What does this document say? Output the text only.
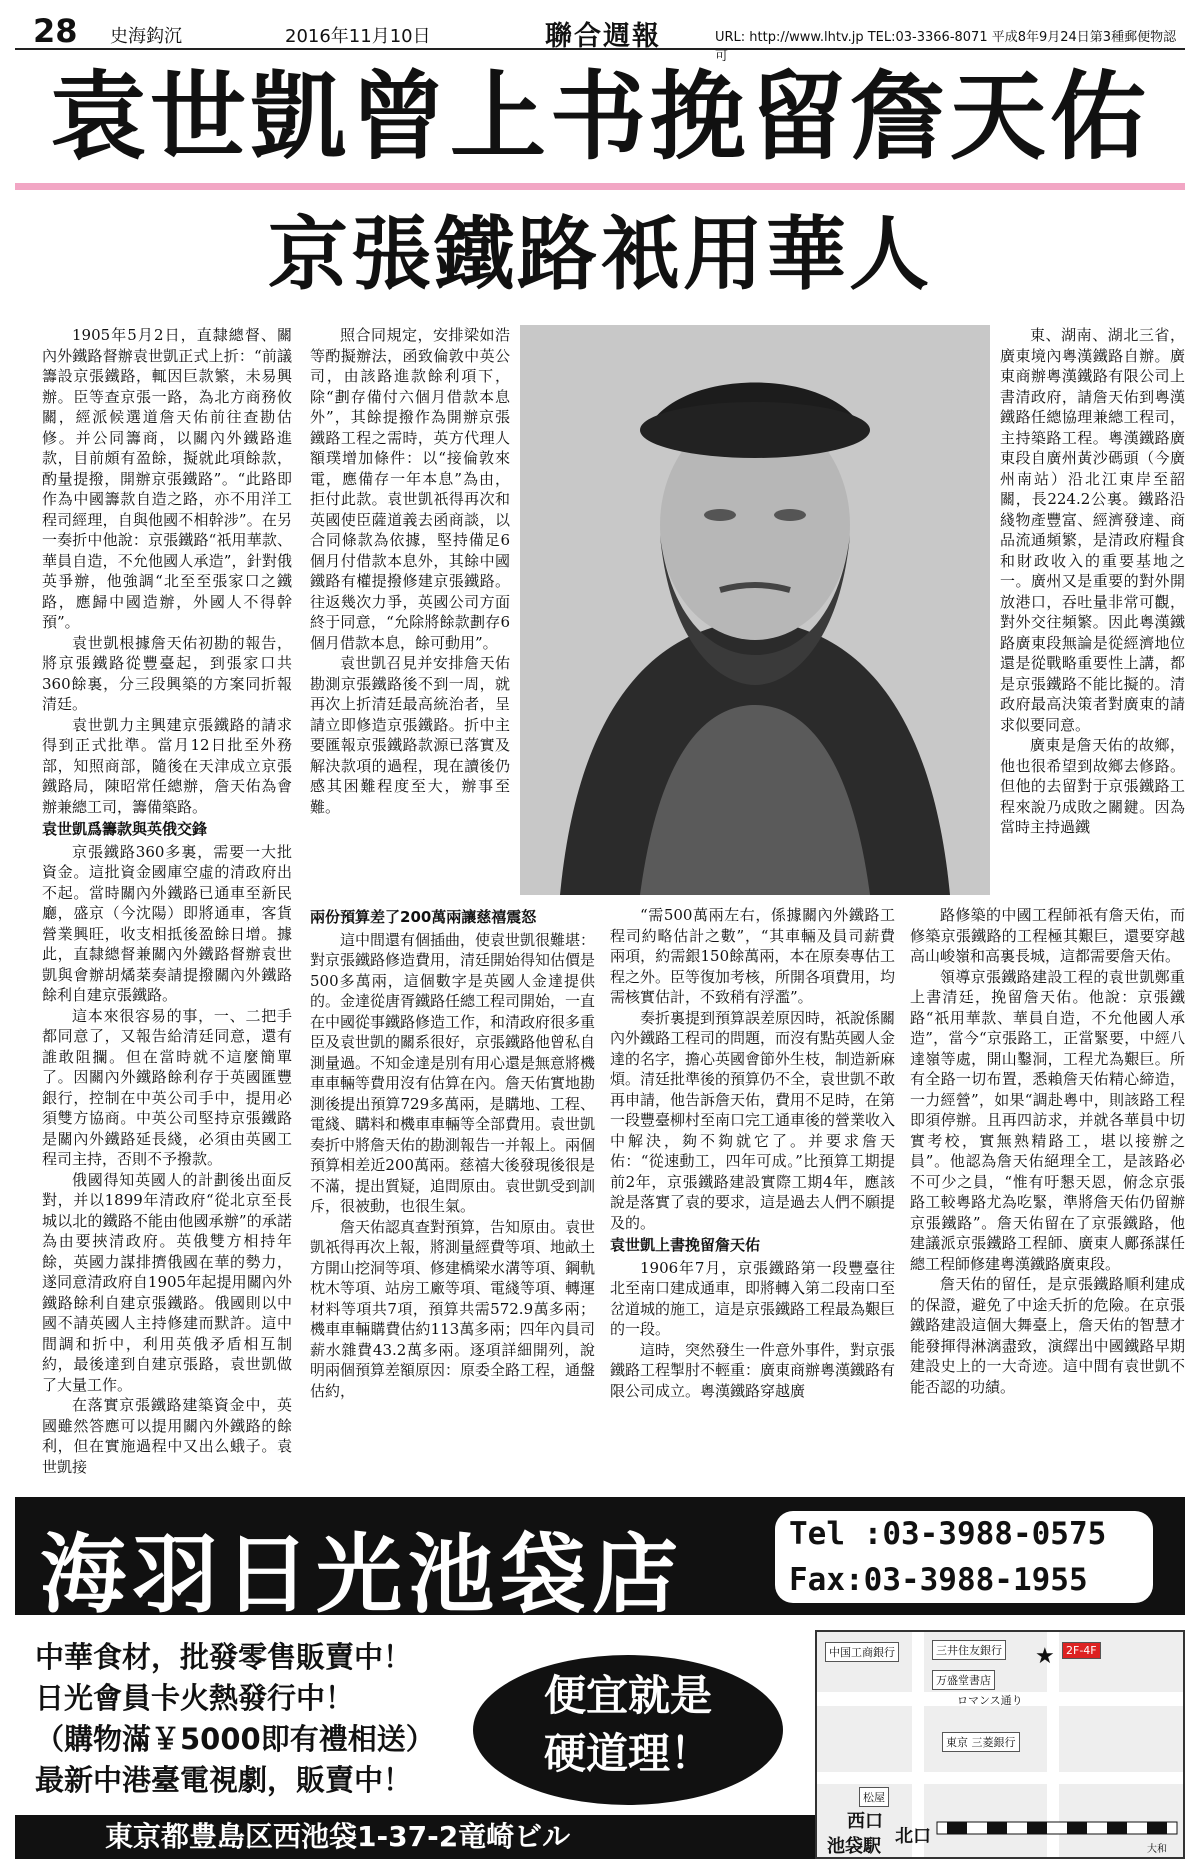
28 史海鈎沉	2016年11月10日	聯合週報	URL: http://www.lhtv.jp TEL:03-3366-8071 平成8年9月24日第3種郵便物認可
袁世凱曾上书挽留詹天佑
京張鐵路衹用華人

1905年5月2日，直隸總督、關內外鐵路督辦袁世凱正式上折：“前議籌設京張鐵路，輒因巨款繁，未易興辦。臣等查京張一路，為北方商務攸關，經派候選道詹天佑前往查勘估修。并公同籌商，以關內外鐵路進款，目前頗有盈餘，擬就此項餘款，酌量提撥，開辦京張鐵路”。“此路即作為中國籌款自造之路，亦不用洋工程司經理，自與他國不相幹涉”。在另一奏折中他說：京張鐵路“祇用華款、華員自造，不允他國人承造”，針對俄英爭辦，他強調“北至至張家口之鐵路，應歸中國造辦，外國人不得幹預”。

袁世凱根據詹天佑初勘的報告，將京張鐵路從豐臺起，到張家口共360餘裏，分三段興築的方案同折報清廷。

袁世凱力主興建京張鐵路的請求得到正式批準。當月12日批至外務部，知照商部，隨後在天津成立京張鐵路局，陳昭常任總辦，詹天佑為會辦兼總工司，籌備築路。

袁世凱爲籌款與英俄交鋒

京張鐵路360多裏，需要一大批資金。這批資金國庫空虛的清政府出不起。當時關內外鐵路已通車至新民廳，盛京（今沈陽）即將通車，客貨營業興旺，收支相抵後盈餘日增。據此，直隸總督兼關內外鐵路督辦袁世凱與會辦胡燏棻奏請提撥關內外鐵路餘利自建京張鐵路。

這本來很容易的事，一、二把手都同意了，又報告給清廷同意，還有誰敢阻攔。但在當時就不這麼簡單了。因關內外鐵路餘利存于英國匯豐銀行，控制在中英公司手中，提用必須雙方協商。中英公司堅持京張鐵路是關內外鐵路延長綫，必須由英國工程司主持，否則不予撥款。

俄國得知英國人的計劃後出面反對，并以1899年清政府“從北京至長城以北的鐵路不能由他國承辦”的承諾為由要挾清政府。英俄雙方相持年餘，英國力謀排擠俄國在華的勢力，遂同意清政府自1905年起提用關內外鐵路餘利自建京張鐵路。俄國則以中國不請英國人主持修建而默許。這中間調和折中，利用英俄矛盾相互制約，最後達到自建京張路，袁世凱做了大量工作。

在落實京張鐵路建築資金中，英國雖然答應可以提用關內外鐵路的餘利，但在實施過程中又出么蛾子。袁世凱接

照合同規定，安排梁如浩等酌擬辦法，函致倫敦中英公司，由該路進款餘利項下，除“劃存備付六個月借款本息外”，其餘提撥作為開辦京張鐵路工程之需時，英方代理人額璞增加條件：以“接倫敦來電，應備存一年本息”為由，拒付此款。袁世凱祇得再次和英國使臣薩道義去函商談，以合同條款為依據，堅持備足6個月付借款本息外，其餘中國鐵路有權提撥修建京張鐵路。往返幾次力爭，英國公司方面終于同意，“允除將餘款劃存6個月借款本息，餘可動用”。

袁世凱召見并安排詹天佑勘測京張鐵路後不到一周，就再次上折清廷最高統治者，呈請立即修造京張鐵路。折中主要匯報京張鐵路款源已落實及解決款項的過程，現在讀後仍感其困難程度至大，辦事至難。

東、湖南、湖北三省，廣東境內粵漢鐵路自辦。廣東商辦粵漢鐵路有限公司上書清政府，請詹天佑到粵漢鐵路任總協理兼總工程司，主持築路工程。粵漢鐵路廣東段自廣州黃沙碼頭（今廣州南站）沿北江東岸至韶關，長224.2公裏。鐵路沿綫物產豐富、經濟發達、商品流通頻繁，是清政府糧食和財政收入的重要基地之一。廣州又是重要的對外開放港口，吞吐量非常可觀，對外交往頻繁。因此粵漢鐵路廣東段無論是從經濟地位還是從戰略重要性上講，都是京張鐵路不能比擬的。清政府最高決策者對廣東的請求似要同意。

廣東是詹天佑的故鄉，他也很希望到故鄉去修路。但他的去留對于京張鐵路工程來說乃成敗之關鍵。因為當時主持過鐵

兩份預算差了200萬兩讓慈禧震怒

這中間還有個插曲，使袁世凱很難堪：對京張鐵路修造費用，清廷開始得知估價是500多萬兩，這個數字是英國人金達提供的。金達從唐胥鐵路任總工程司開始，一直在中國從事鐵路修造工作，和清政府很多重臣及袁世凱的關系很好，京張鐵路他曾私自測量過。不知金達是別有用心還是無意將機車車輛等費用沒有估算在內。詹天佑實地勘測後提出預算729多萬兩，是購地、工程、電綫、購料和機車車輛等全部費用。袁世凱奏折中將詹天佑的勘測報告一并報上。兩個預算相差近200萬兩。慈禧大後發現後很是不滿，提出質疑，追問原由。袁世凱受到訓斥，很被動，也很生氣。

詹天佑認真查對預算，告知原由。袁世凱祇得再次上報，將測量經費等項、地畝土方開山挖洞等項、修建橋梁水溝等項、鋼軌枕木等項、站房工廠等項、電綫等項、轉運材料等項共7項，預算共需572.9萬多兩；機車車輛購費估約113萬多兩；四年內員司薪水雜費43.2萬多兩。逐項詳細開列，說明兩個預算差額原因：原委全路工程，通盤估約，

“需500萬兩左右，係據關內外鐵路工程司約略估計之數”，“其車輛及員司薪費兩項，約需銀150餘萬兩，本在原奏專估工程之外。臣等復加考核，所開各項費用，均需核實估計，不致稍有浮濫”。

奏折裏提到預算誤差原因時，祇說係關內外鐵路工程司的問題，而沒有點英國人金達的名字，擔心英國會節外生枝，制造新麻煩。清廷批準後的預算仍不全，袁世凱不敢再申請，他告訴詹天佑，費用不足時，在第一段豐臺柳村至南口完工通車後的營業收入中解決，夠不夠就它了。并要求詹天佑：“從速動工，四年可成。”比預算工期提前2年，京張鐵路建設實際工期4年，應該說是落實了袁的要求，這是過去人們不願提及的。

袁世凱上書挽留詹天佑

1906年7月，京張鐵路第一段豐臺往北至南口建成通車，即將轉入第二段南口至岔道城的施工，這是京張鐵路工程最為艱巨的一段。

這時，突然發生一件意外事件，對京張鐵路工程掣肘不輕重：廣東商辦粵漢鐵路有限公司成立。粵漢鐵路穿越廣

路修築的中國工程師祇有詹天佑，而修築京張鐵路的工程極其艱巨，還要穿越高山峻嶺和高裏長城，這都需要詹天佑。

領導京張鐵路建設工程的袁世凱鄭重上書清廷，挽留詹天佑。他說：京張鐵路“祇用華款、華員自造，不允他國人承造”，當今“京張路工，正當緊要，中經八達嶺等處，開山鑿洞，工程尤為艱巨。所有全路一切布置，悉賴詹天佑精心締造，一力經營”，如果“調赴粵中，則該路工程即須停辦。且再四訪求，并就各華員中切實考校，實無熟精路工，堪以接辦之員”。他認為詹天佑絕理全工，是該路必不可少之員，“惟有吁懇天恩，俯念京張路工較粵路尤為吃緊，準將詹天佑仍留辦京張鐵路”。詹天佑留在了京張鐵路，他建議派京張鐵路工程師、廣東人鄺孫謀任總工程師修建粵漢鐵路廣東段。

詹天佑的留任，是京張鐵路順利建成的保證，避免了中途夭折的危險。在京張鐵路建設這個大舞臺上，詹天佑的智慧才能發揮得淋漓盡致，演繹出中國鐵路早期建設史上的一大奇迹。這中間有袁世凱不能否認的功績。

海羽日光池袋店	Tel :03-3988-0575
Fax:03-3988-1955
中華食材，批發零售販賣中！
日光會員卡火熱發行中！
（購物滿￥5000即有禮相送）
最新中港臺電視劇，販賣中！
便宜就是
硬道理！
東京都豊島区西池袋1-37-2竜崎ビル
中国工商銀行	三井住友銀行 ★	2F-4F
万盛堂書店
ロマンス通り
東京 三菱銀行
松屋
西口
北口
池袋駅	大和
